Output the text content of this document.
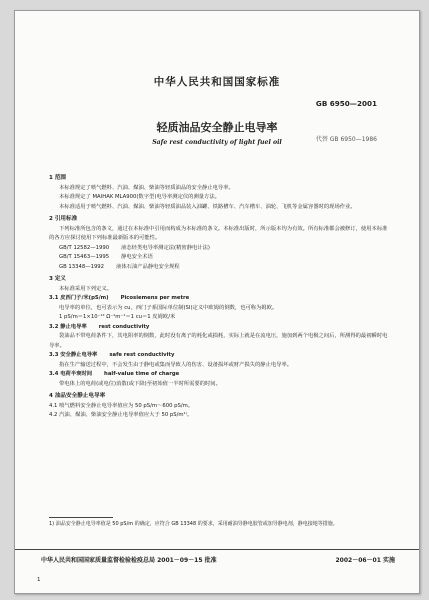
中华人民共和国国家标准
GB 6950—2001
轻质油品安全静止电导率
代替 GB 6950—1986
Safe rest conductivity of light fuel oil
1 范围
本标准规定了喷气燃料、汽油、煤油、柴油等轻质油品的安全静止电导率。
本标准规定了 MAIHAK MLA900(数字型)电导率测定仪的测量方法。
本标准适用于喷气燃料、汽油、煤油、柴油等轻质油品装入油罐、铁路槽车、汽车槽车、油轮、飞机等金属容器时的现场作业。
2 引用标准
下列标准所包含的条文，通过在本标准中引用而构成为本标准的条文。本标准出版时，所示版本均为有效。所有标准都会被修订，使用本标准的各方应探讨使用下列标准最新版本的可能性。
GB/T 12582—1990 液态烃类电导率测定法(精密静电计法)
GB/T 15463—1995 静电安全术语
GB 13348—1992 液体石油产品静电安全规程
3 定义
本标准采用下列定义。
3.1 皮西门子/米(pS/m) Picosiemens per metre
电导率的单位，也可表示为 cu，西门子系国际单位制(SI)定义中欧姆的倒数，也可称为姆欧。
1 pS/m＝1×10⁻¹² Ω⁻¹m⁻¹＝1 cu＝1 皮姆欧/米
3.2 静止电导率 rest conductivity
袋油品不带电荷条件下，其电阻率的倒数，此时没有离子的耗化或损耗，实际上就是在流电压，施加到两个电极之间后，所测得的最初瞬时电导率。
3.3 安全静止电导率 safe rest conductivity
指在生产输送过程中，不会发生由于静电或集而导致人的伤害、设备损坏或财产损失的静止电导率。
3.4 电荷半衰时间 half-value time of charge
带电体上的电荷(或电位)消散(或下降)至初始值一半时所需要的时间。
4 油品安全静止电导率
4.1 喷气燃料安全静止电导率值应为 50 pS/m～600 pS/m。
4.2 汽油、煤油、柴油安全静止电导率值应大于 50 pS/m¹⁾。
1) 油品安全静止电导率值是 50 pS/m 的确定，应符合 GB 13348 的要求，采用耐油导静电胶管或加导静电剂，静电接地等措施。
中华人民共和国国家质量监督检验检疫总局 2001－09－15 批准	2002－06－01 实施
1
